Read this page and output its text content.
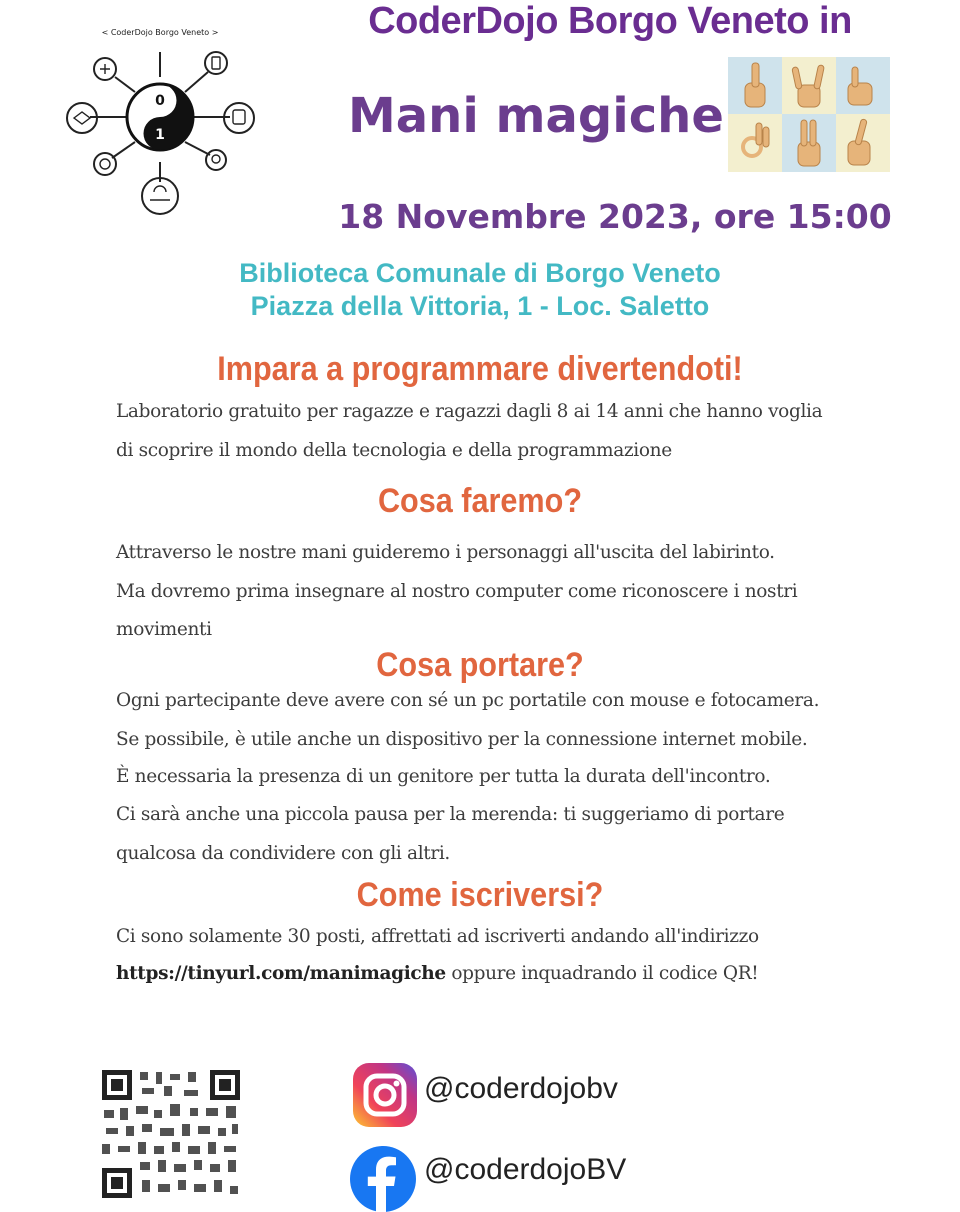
0
1
< CoderDojo Borgo Veneto >	CoderDojo Borgo Veneto in
Mani magiche
18 Novembre 2023, ore 15:00
Biblioteca Comunale di Borgo Veneto
Piazza della Vittoria, 1 - Loc. Saletto
Impara a programmare divertendoti!
Laboratorio gratuito per ragazze e ragazzi dagli 8 ai 14 anni che hanno voglia
di scoprire il mondo della tecnologia e della programmazione
Cosa faremo?
Attraverso le nostre mani guideremo i personaggi all'uscita del labirinto.
Ma dovremo prima insegnare al nostro computer come riconoscere i nostri
movimenti
Cosa portare?
Ogni partecipante deve avere con sé un pc portatile con mouse e fotocamera.
Se possibile, è utile anche un dispositivo per la connessione internet mobile.
È necessaria la presenza di un genitore per tutta la durata dell'incontro.
Ci sarà anche una piccola pausa per la merenda: ti suggeriamo di portare
qualcosa da condividere con gli altri.
Come iscriversi?
Ci sono solamente 30 posti, affrettati ad iscriverti andando all'indirizzo
https://tinyurl.com/manimagiche oppure inquadrando il codice QR!
@coderdojobv
@coderdojoBV
